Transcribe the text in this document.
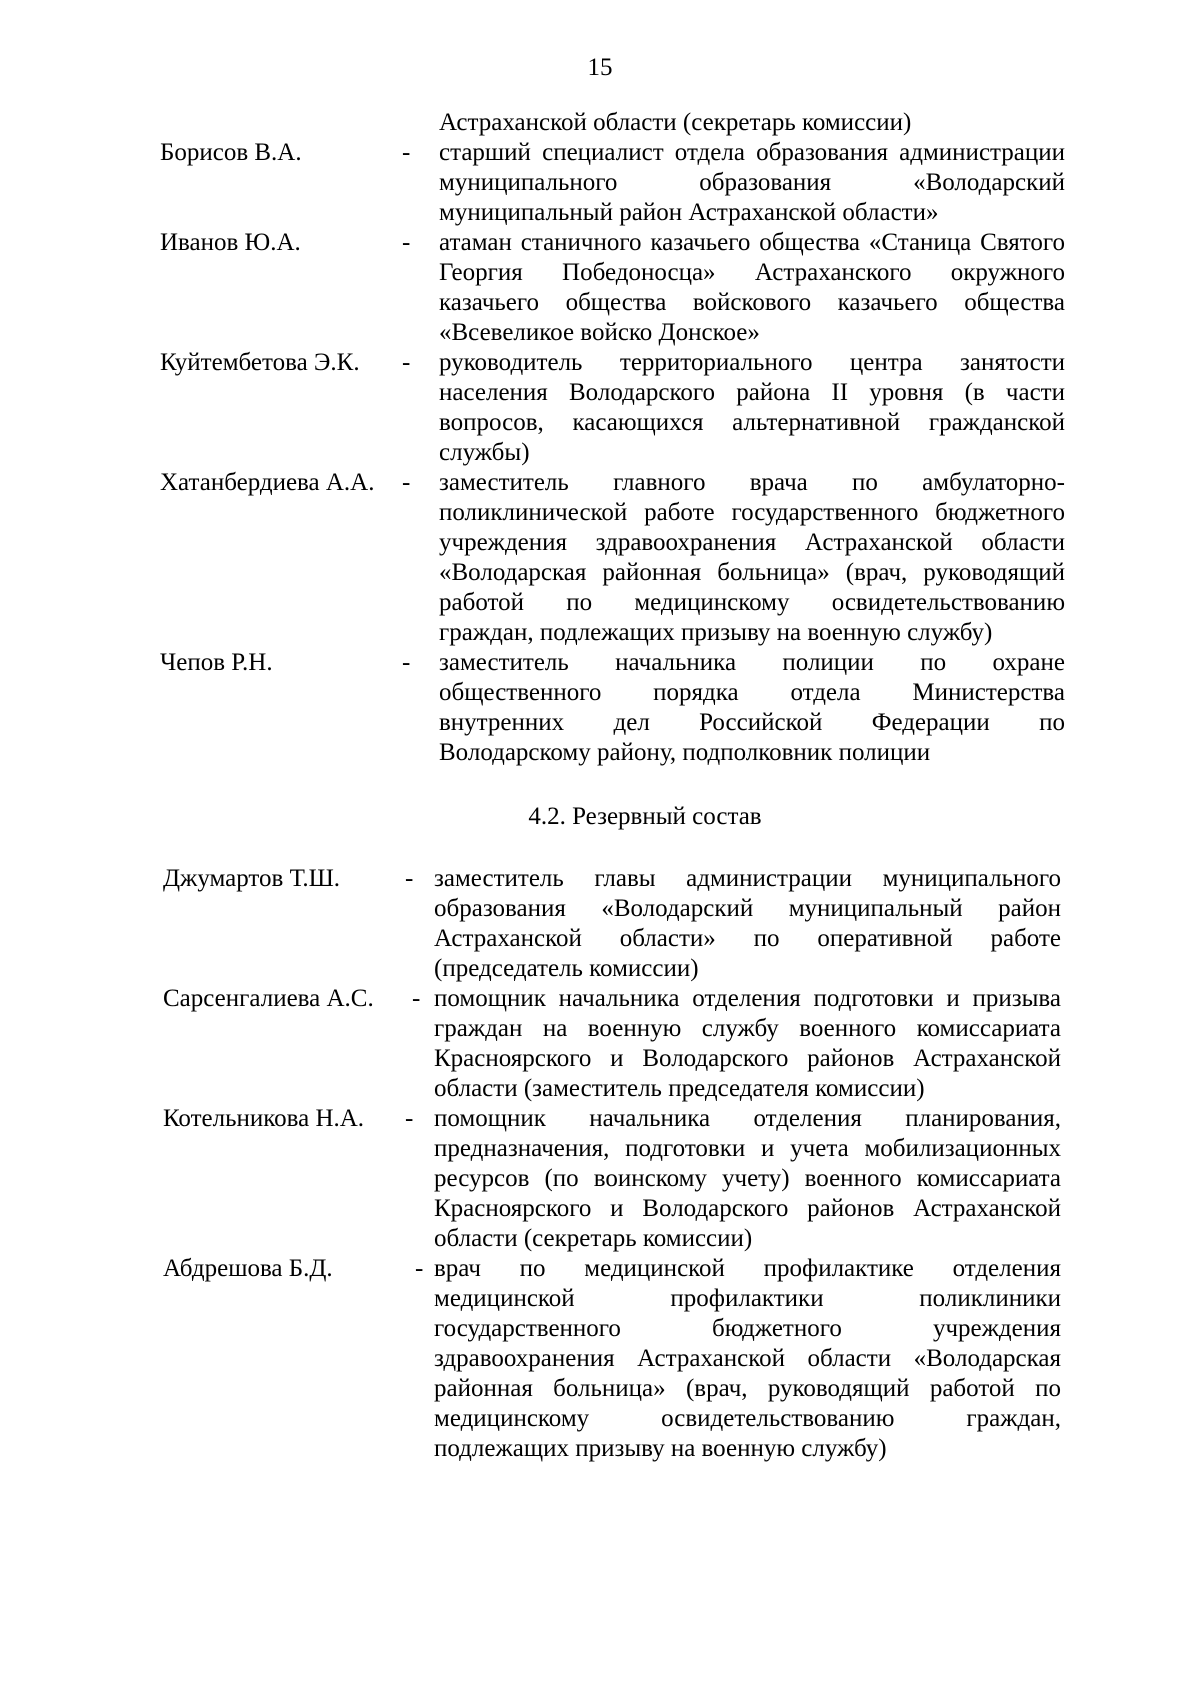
15
Астраханской области (секретарь комиссии)
Борисов В.А.	- старший специалист отдела образования администрации
муниципального образования «Володарский
муниципальный район Астраханской области»
Иванов Ю.А.	- атаман станичного казачьего общества «Станица Святого
Георгия Победоносца» Астраханского окружного
казачьего общества войскового казачьего общества
«Всевеликое войско Донское»
Куйтембетова Э.К. - руководитель территориального центра занятости
населения Володарского района II уровня (в части
вопросов, касающихся альтернативной гражданской
службы)
Хатанбердиева А.А. - заместитель главного врача по амбулаторно-
поликлинической работе государственного бюджетного
учреждения здравоохранения Астраханской области
«Володарская районная больница» (врач, руководящий
работой по медицинскому освидетельствованию
граждан, подлежащих призыву на военную службу)
Чепов Р.Н.	- заместитель начальника полиции по охране
общественного порядка отдела Министерства
внутренних дел Российской Федерации по
Володарскому району, подполковник полиции
4.2. Резервный состав
Джумартов Т.Ш.	- заместитель главы администрации муниципального
образования «Володарский муниципальный район
Астраханской области» по оперативной работе
(председатель комиссии)
Сарсенгалиева А.С. - помощник начальника отделения подготовки и призыва
граждан на военную службу военного комиссариата
Красноярского и Володарского районов Астраханской
области (заместитель председателя комиссии)
Котельникова Н.А. - помощник начальника отделения планирования,
предназначения, подготовки и учета мобилизационных
ресурсов (по воинскому учету) военного комиссариата
Красноярского и Володарского районов Астраханской
области (секретарь комиссии)
Абдрешова Б.Д.	- врач по медицинской профилактике отделения
медицинской профилактики поликлиники
государственного бюджетного учреждения
здравоохранения Астраханской области «Володарская
районная больница» (врач, руководящий работой по
медицинскому освидетельствованию граждан,
подлежащих призыву на военную службу)
